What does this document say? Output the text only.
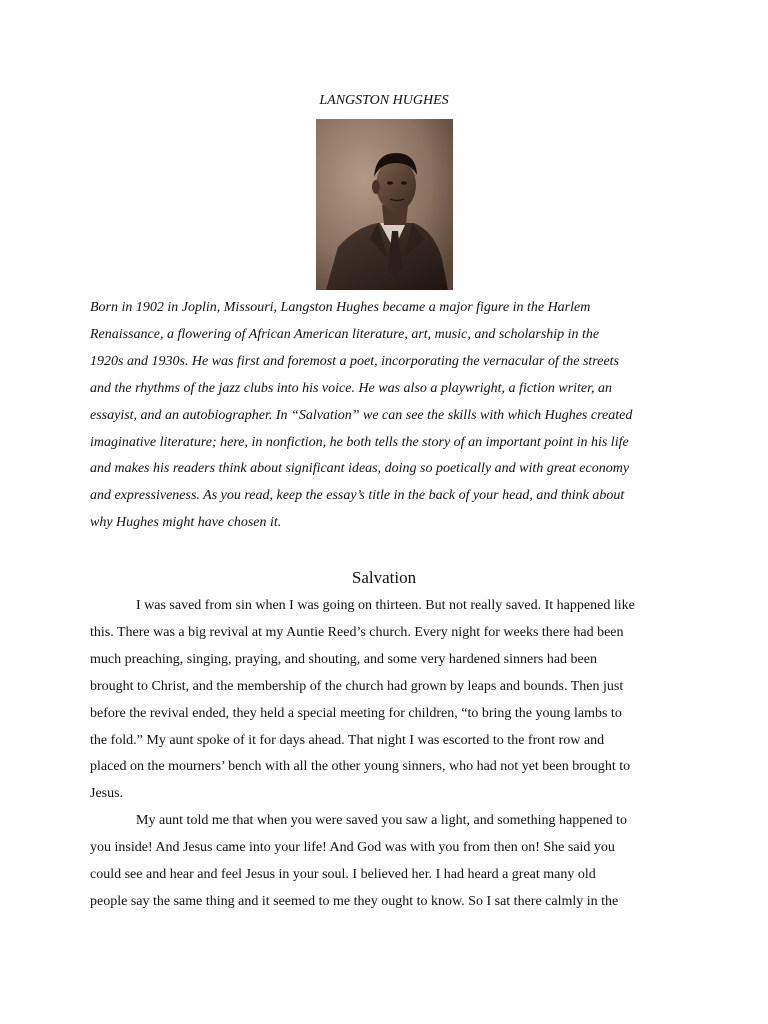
LANGSTON HUGHES
Born in 1902 in Joplin, Missouri, Langston Hughes became a major figure in the Harlem
Renaissance, a flowering of African American literature, art, music, and scholarship in the
1920s and 1930s. He was first and foremost a poet, incorporating the vernacular of the streets
and the rhythms of the jazz clubs into his voice. He was also a playwright, a fiction writer, an
essayist, and an autobiographer. In “Salvation” we can see the skills with which Hughes created
imaginative literature; here, in nonfiction, he both tells the story of an important point in his life
and makes his readers think about significant ideas, doing so poetically and with great economy
and expressiveness. As you read, keep the essay’s title in the back of your head, and think about
why Hughes might have chosen it.
Salvation

I was saved from sin when I was going on thirteen. But not really saved. It happened like
this. There was a big revival at my Auntie Reed’s church. Every night for weeks there had been
much preaching, singing, praying, and shouting, and some very hardened sinners had been
brought to Christ, and the membership of the church had grown by leaps and bounds. Then just
before the revival ended, they held a special meeting for children, “to bring the young lambs to
the fold.” My aunt spoke of it for days ahead. That night I was escorted to the front row and
placed on the mourners’ bench with all the other young sinners, who had not yet been brought to
Jesus.

My aunt told me that when you were saved you saw a light, and something happened to
you inside! And Jesus came into your life! And God was with you from then on! She said you
could see and hear and feel Jesus in your soul. I believed her. I had heard a great many old
people say the same thing and it seemed to me they ought to know. So I sat there calmly in the
